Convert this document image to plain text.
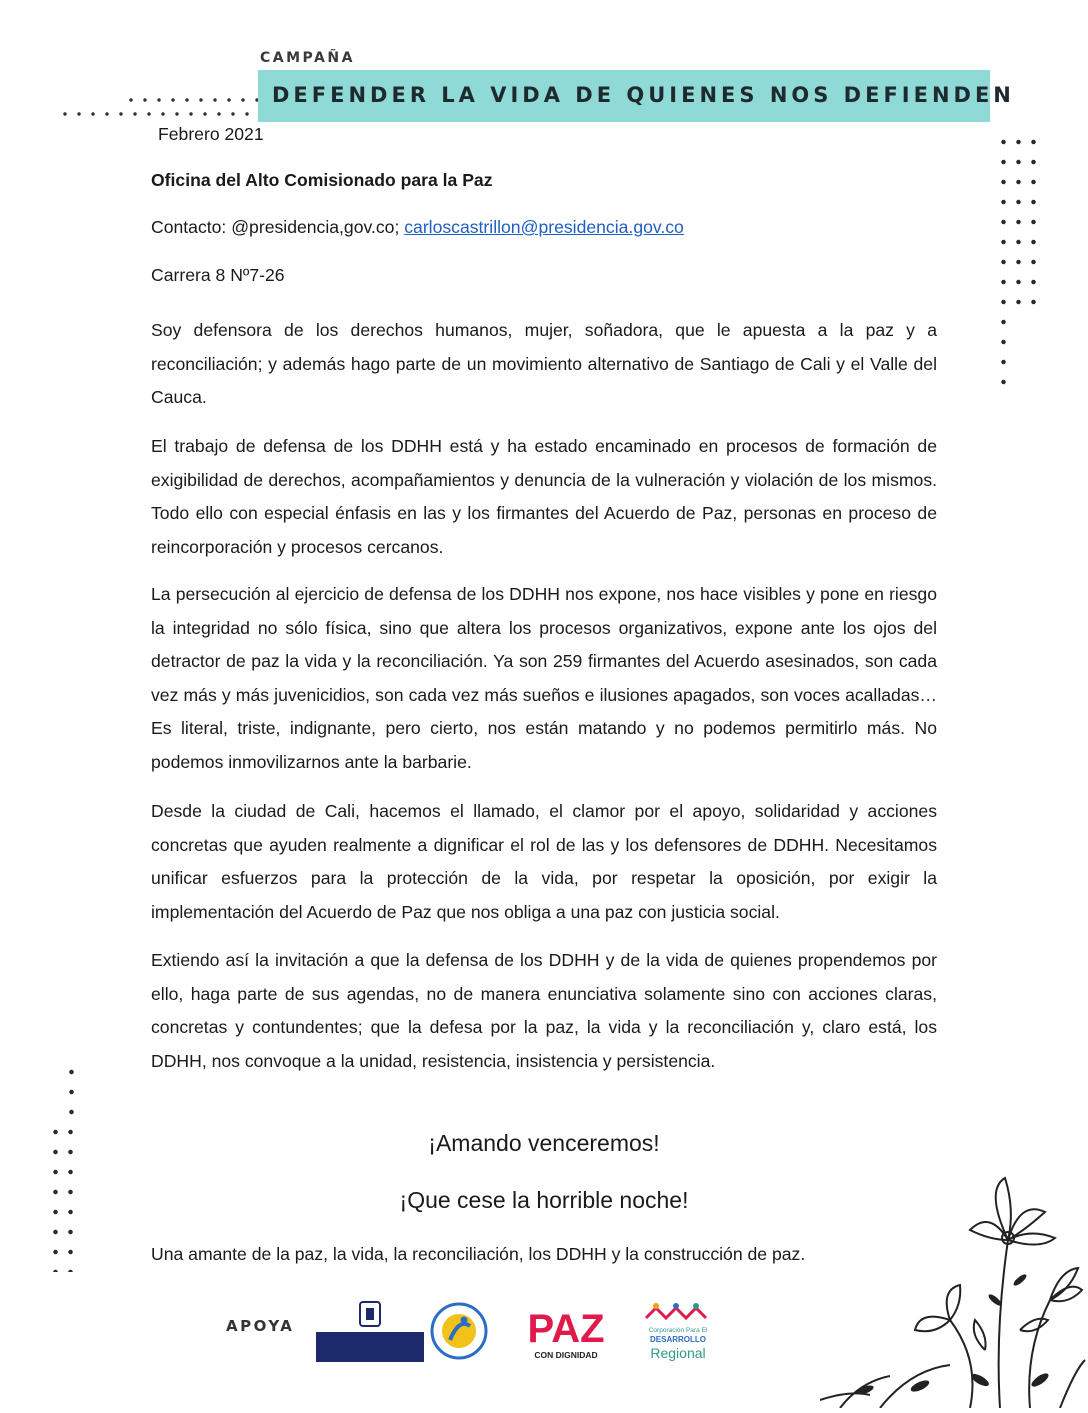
CAMPAÑA
DEFENDER LA VIDA DE QUIENES NOS DEFIENDEN
Febrero 2021
Oficina del Alto Comisionado para la Paz
Contacto: @presidencia,gov.co; carloscastrillon@presidencia.gov.co
Carrera 8 Nº7-26

Soy defensora de los derechos humanos, mujer, soñadora, que le apuesta a la paz y a reconciliación; y además hago parte de un movimiento alternativo de Santiago de Cali y el Valle del Cauca.

El trabajo de defensa de los DDHH está y ha estado encaminado en procesos de formación de exigibilidad de derechos, acompañamientos y denuncia de la vulneración y violación de los mismos. Todo ello con especial énfasis en las y los firmantes del Acuerdo de Paz, personas en proceso de reincorporación y procesos cercanos.

La persecución al ejercicio de defensa de los DDHH nos expone, nos hace visibles y pone en riesgo la integridad no sólo física, sino que altera los procesos organizativos, expone ante los ojos del detractor de paz la vida y la reconciliación. Ya son 259 firmantes del Acuerdo asesinados, son cada vez más y más juvenicidios, son cada vez más sueños e ilusiones apagados, son voces acalladas… Es literal, triste, indignante, pero cierto, nos están matando y no podemos permitirlo más. No podemos inmovilizarnos ante la barbarie.

Desde la ciudad de Cali, hacemos el llamado, el clamor por el apoyo, solidaridad y acciones concretas que ayuden realmente a dignificar el rol de las y los defensores de DDHH. Necesitamos unificar esfuerzos para la protección de la vida, por respetar la oposición, por exigir la implementación del Acuerdo de Paz que nos obliga a una paz con justicia social.

Extiendo así la invitación a que la defensa de los DDHH y de la vida de quienes propendemos por ello, haga parte de sus agendas, no de manera enunciativa solamente sino con acciones claras, concretas y contundentes; que la defesa por la paz, la vida y la reconciliación y, claro está, los DDHH, nos convoque a la unidad, resistencia, insistencia y persistencia.

¡Amando venceremos!
¡Que cese la horrible noche!
Una amante de la paz, la vida, la reconciliación, los DDHH y la construcción de paz.
APOYA	PAZ
CON DIGNIDAD
Corporación Para El
DESARROLLO
Regional
